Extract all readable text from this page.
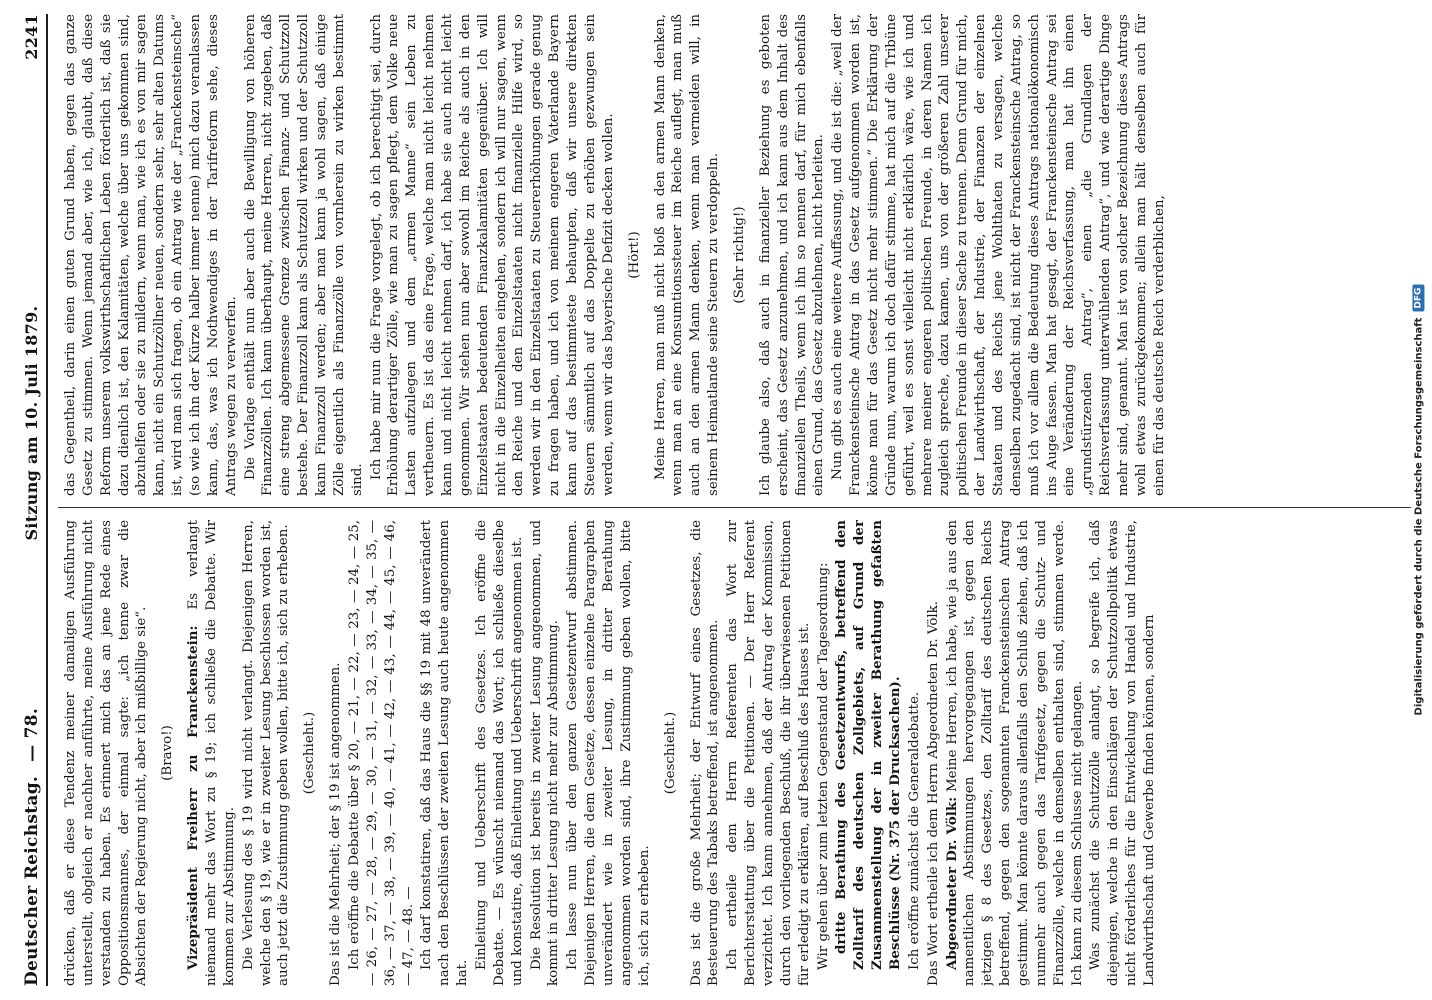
Deutscher Reichstag.
— 78.
Sitzung am 10. Juli 1879. 2241

drücken, daß er diese Tendenz meiner damaligen Ausführung unterstellt, obgleich er nachher anführte, meine Ausführung nicht verstanden zu haben. Es erinnert mich das an jene Rede eines Oppositionsmannes, der einmal sagte: „ich tenne zwar die Absichten der Regierung nicht, aber ich mißbillige sie“. (Bravo!) Vizepräsident Freiherr zu Franckenstein: Es verlangt niemand mehr das Wort zu § 19; ich schließe die Debatte. Wir kommen zur Abstimmung. Die Verlesung des § 19 wird nicht verlangt. Diejenigen Herren, welche den § 19, wie er in zweiter Lesung beschlossen worden ist, auch jetzt die Zustimmung geben wollen, bitte ich, sich zu erheben. (Geschieht.) Das ist die Mehrheit; der § 19 ist angenommen. Ich eröffne die Debatte über § 20, — 21, — 22, — 23, — 24, — 25, — 26, — 27, — 28, — 29, — 30, — 31, — 32, — 33, — 34, — 35, — 36, — 37, — 38, — 39, — 40, — 41, — 42, — 43, — 44, — 45, — 46, — 47, — 48. — Ich darf konstatiren, daß das Haus die §§ 19 mit 48 unverändert nach den Beschlüssen der zweiten Lesung auch heute angenommen hat.

Einleitung und Ueberschrift des Gesetzes. Ich eröffne die Debatte. — Es wünscht niemand das Wort; ich schließe dieselbe und konstatire, daß Einleitung und Ueberschrift angenommen ist. Die Resolution ist bereits in zweiter Lesung angenommen, und kommt in dritter Lesung nicht mehr zur Abstimmung. Ich lasse nun über den ganzen Gesetzentwurf abstimmen. Diejenigen Herren, die dem Gesetze, dessen einzelne Paragraphen unverändert wie in zweiter Lesung, in dritter Berathung angenommen worden sind, ihre Zustimmung geben wollen, bitte ich, sich zu erheben.

(Geschieht.) Das ist die große Mehrheit; der Entwurf eines Gesetzes, die Besteuerung des Tabaks betreffend, ist angenommen. Ich ertheile dem Herrn Referenten das Wort zur Berichterstattung über die Petitionen. — Der Herr Referent verzichtet. Ich kann annehmen, daß der Antrag der Kommission, durch den vorliegenden Beschluß, die ihr überwiesenen Petitionen für erledigt zu erklären, auf Beschluß des Hauses ist. Wir gehen über zum letzten Gegenstand der Tagesordnung: dritte Berathung des Gesetzentwurfs, betreffend den Zolltarif des deutschen Zollgebiets, auf Grund der Zusammenstellung der in zweiter Berathung gefaßten Beschlüsse (Nr. 375 der Drucksachen). Ich eröffne zunächst die Generaldebatte. Das Wort ertheile ich dem Herrn Abgeordneten Dr. Völk. Abgeordneter Dr. Völk: Meine Herren, ich habe, wie ja aus den namentlichen Abstimmungen hervorgegangen ist, gegen den jetzigen § 8 des Gesetzes, den Zolltarif des deutschen Reichs betreffend, gegen den sogenannten Franckensteinschen Antrag gestimmt. Man könnte daraus allenfalls den Schluß ziehen, daß ich nunmehr auch gegen das Tarifgesetz, gegen die Schutz- und Finanzzölle, welche in demselben enthalten sind, stimmen werde. Ich kann zu diesem Schlusse nicht gelangen. Was zunächst die Schutzzölle anlangt, so begreife ich, daß diejenigen, welche in den Einschlägen der Schutzzollpolitik etwas nicht förderliches für die Entwickelung von Handel und Industrie, Landwirthschaft und Gewerbe finden können, sondern

das Gegentheil, darin einen guten Grund haben, gegen das ganze Gesetz zu stimmen. Wenn jemand aber, wie ich, glaubt, daß diese Reform unserem volkswirthschaftlichen Leben förderlich ist, daß sie dazu dienlich ist, den Kalamitäten, welche über uns gekommen sind, abzuhelfen oder sie zu mildern, wenn man, wie ich es von mir sagen kann, nicht ein Schutzzöllner neuen, sondern sehr, sehr alten Datums ist, wird man sich fragen, ob ein Antrag wie der „Franckensteinsche“ (so wie ich ihn der Kürze halber immer nenne) mich dazu veranlassen kann, das, was ich Nothwendiges in der Tarifreform sehe, dieses Antrags wegen zu verwerfen. Die Vorlage enthält nun aber auch die Bewilligung von höheren Finanzzöllen. Ich kann überhaupt, meine Herren, nicht zugeben, daß eine streng abgemessene Grenze zwischen Finanz- und Schutzzoll bestehe. Der Finanzzoll kann als Schutzzoll wirken und der Schutzzoll kann Finanzzoll werden; aber man kann ja wohl sagen, daß einige Zölle eigentlich als Finanzzölle von vornherein zu wirken bestimmt sind. Ich habe mir nun die Frage vorgelegt, ob ich berechtigt sei, durch Erhöhung derartiger Zölle, wie man zu sagen pflegt, dem Volke neue Lasten aufzulegen und dem „armen Manne“ sein Leben zu vertheuern. Es ist das eine Frage, welche man nicht leicht nehmen kann und nicht leicht nehmen darf, ich habe sie auch nicht leicht genommen. Wir stehen nun aber sowohl im Reiche als auch in den Einzelstaaten bedeutenden Finanzkalamitäten gegenüber. Ich will nicht in die Einzelheiten eingehen, sondern ich will nur sagen, wenn den Reiche und den Einzelstaaten nicht finanzielle Hilfe wird, so werden wir in den Einzelstaaten zu Steuererhöhungen gerade genug zu fragen haben, und ich von meinem engeren Vaterlande Bayern kann auf das bestimmteste behaupten, daß wir unsere direkten Steuern sämmtlich auf das Doppelte zu erhöhen gezwungen sein werden, wenn wir das bayerische Defizit decken wollen. (Hört!) Meine Herren, man muß nicht bloß an den armen Mann denken, wenn man an eine Konsumtionssteuer im Reiche auflegt, man muß auch an den armen Mann denken, wenn man vermeiden will, in seinem Heimatlande seine Steuern zu verdoppeln. (Sehr richtig!) Ich glaube also, daß auch in finanzieller Beziehung es geboten erscheint, das Gesetz anzunehmen, und ich kann aus dem Inhalt des finanziellen Theils, wenn ich ihn so nennen darf, für mich ebenfalls einen Grund, das Gesetz abzulehnen, nicht herleiten. Nun gibt es auch eine weitere Auffassung, und die ist die: „weil der Franckensteinsche Antrag in das Gesetz aufgenommen worden ist, könne man für das Gesetz nicht mehr stimmen.“ Die Erklärung der Gründe nun, warum ich doch dafür stimme, hat mich auf die Tribüne geführt, weil es sonst vielleicht nicht erklärlich wäre, wie ich und mehrere meiner engeren politischen Freunde, in deren Namen ich zugleich spreche, dazu kamen, uns von der größeren Zahl unserer politischen Freunde in dieser Sache zu trennen. Denn Grund für mich, der Landwirthschaft, der Industrie, der Finanzen der einzelnen Staaten und des Reichs jene Wohlthaten zu versagen, welche denselben zugedacht sind, ist nicht der Franckensteinsche Antrag, so muß ich vor allem die Bedeutung dieses Antrags nationalökonomisch ins Auge fassen. Man hat gesagt, der Franckensteinsche Antrag sei eine Veränderung der Reichsverfassung, man hat ihn einen „grundstürzenden Antrag“, einen „die Grundlagen der Reichsverfassung unterwühlenden Antrag“, und wie derartige Dinge mehr sind, genannt. Man ist von solcher Bezeichnung dieses Antrags wohl etwas zurückgekommen; allein man hält denselben auch für einen für das deutsche Reich verderblichen,	Digitalisierung gefördert durch die Deutsche Forschungsgemeinschaft
DFG
